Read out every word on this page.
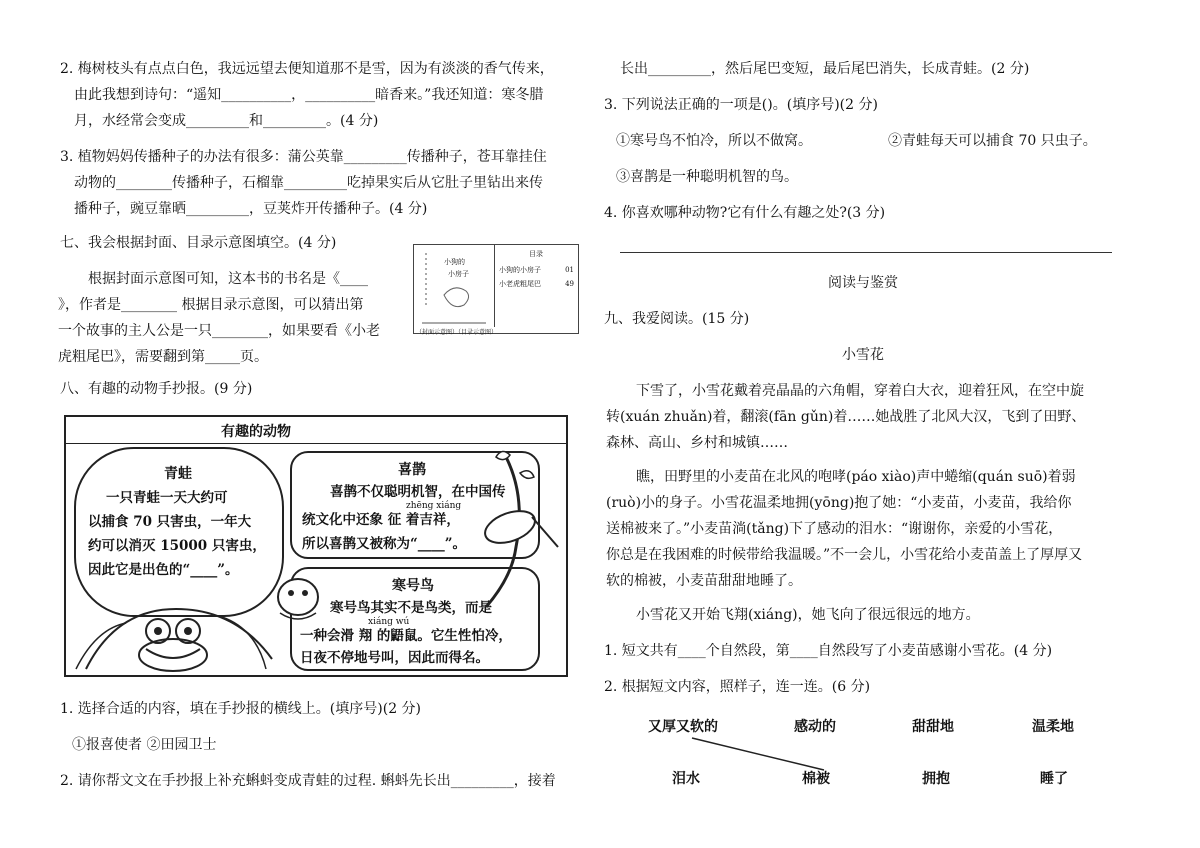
2. 梅树枝头有点点白色，我远远望去便知道那不是雪，因为有淡淡的香气传来，
由此我想到诗句：“遥知__________，__________暗香来。”我还知道：寒冬腊
月，水经常会变成_________和_________。(4 分)
3. 植物妈妈传播种子的办法有很多：蒲公英靠_________传播种子，苍耳靠挂住
动物的________传播种子，石榴靠_________吃掉果实后从它肚子里钻出来传
播种子，豌豆靠晒_________，豆荚炸开传播种子。(4 分)
七、我会根据封面、目录示意图填空。(4 分)
根据封面示意图可知，这本书的书名是《____
》，作者是________ 根据目录示意图，可以猜出第
一个故事的主人公是一只________，如果要看《小老
虎粗尾巴》，需要翻到第_____页。
小狗的
小房子
目录
小狗的小房子	01
小老虎粗尾巴	49
（封面示意图）（目录示意图）
八、有趣的动物手抄报。(9 分)
有趣的动物
青蛙
一只青蛙一天大约可
以捕食 70 只害虫，一年大
约可以消灭 15000 只害虫，
因此它是出色的“____”。
喜鹊
喜鹊不仅聪明机智，在中国传
zhēng xiáng
统文化中还象 征 着吉祥，
所以喜鹊又被称为“____”。
寒号鸟
寒号鸟其实不是鸟类，而是
xiáng wú
一种会滑 翔 的鼯鼠。它生性怕冷，
日夜不停地号叫，因此而得名。
1. 选择合适的内容，填在手抄报的横线上。(填序号)(2 分)
①报喜使者 ②田园卫士
2. 请你帮文文在手抄报上补充蝌蚪变成青蛙的过程. 蝌蚪先长出_________，接着
长出_________，然后尾巴变短，最后尾巴消失，长成青蛙。(2 分)
3. 下列说法正确的一项是()。(填序号)(2 分)
①寒号鸟不怕冷，所以不做窝。	②青蛙每天可以捕食 70 只虫子。
③喜鹊是一种聪明机智的鸟。
4. 你喜欢哪种动物?它有什么有趣之处?(3 分)
阅读与鉴赏
九、我爱阅读。(15 分)
小雪花
下雪了，小雪花戴着亮晶晶的六角帽，穿着白大衣，迎着狂风，在空中旋
转(xuán zhuǎn)着，翻滚(fān gǔn)着……她战胜了北风大汉，飞到了田野、
森林、高山、乡村和城镇……
瞧，田野里的小麦苗在北风的咆哮(páo xiào)声中蜷缩(quán suō)着弱
(ruò)小的身子。小雪花温柔地拥(yōng)抱了她：“小麦苗，小麦苗，我给你
送棉被来了。”小麦苗淌(tǎng)下了感动的泪水：“谢谢你，亲爱的小雪花，
你总是在我困难的时候带给我温暖。”不一会儿，小雪花给小麦苗盖上了厚厚又
软的棉被，小麦苗甜甜地睡了。
小雪花又开始飞翔(xiáng)，她飞向了很远很远的地方。
1. 短文共有____个自然段，第____自然段写了小麦苗感谢小雪花。(4 分)
2. 根据短文内容，照样子，连一连。(6 分)
又厚又软的	感动的	甜甜地	温柔地
泪水	棉被	拥抱	睡了
